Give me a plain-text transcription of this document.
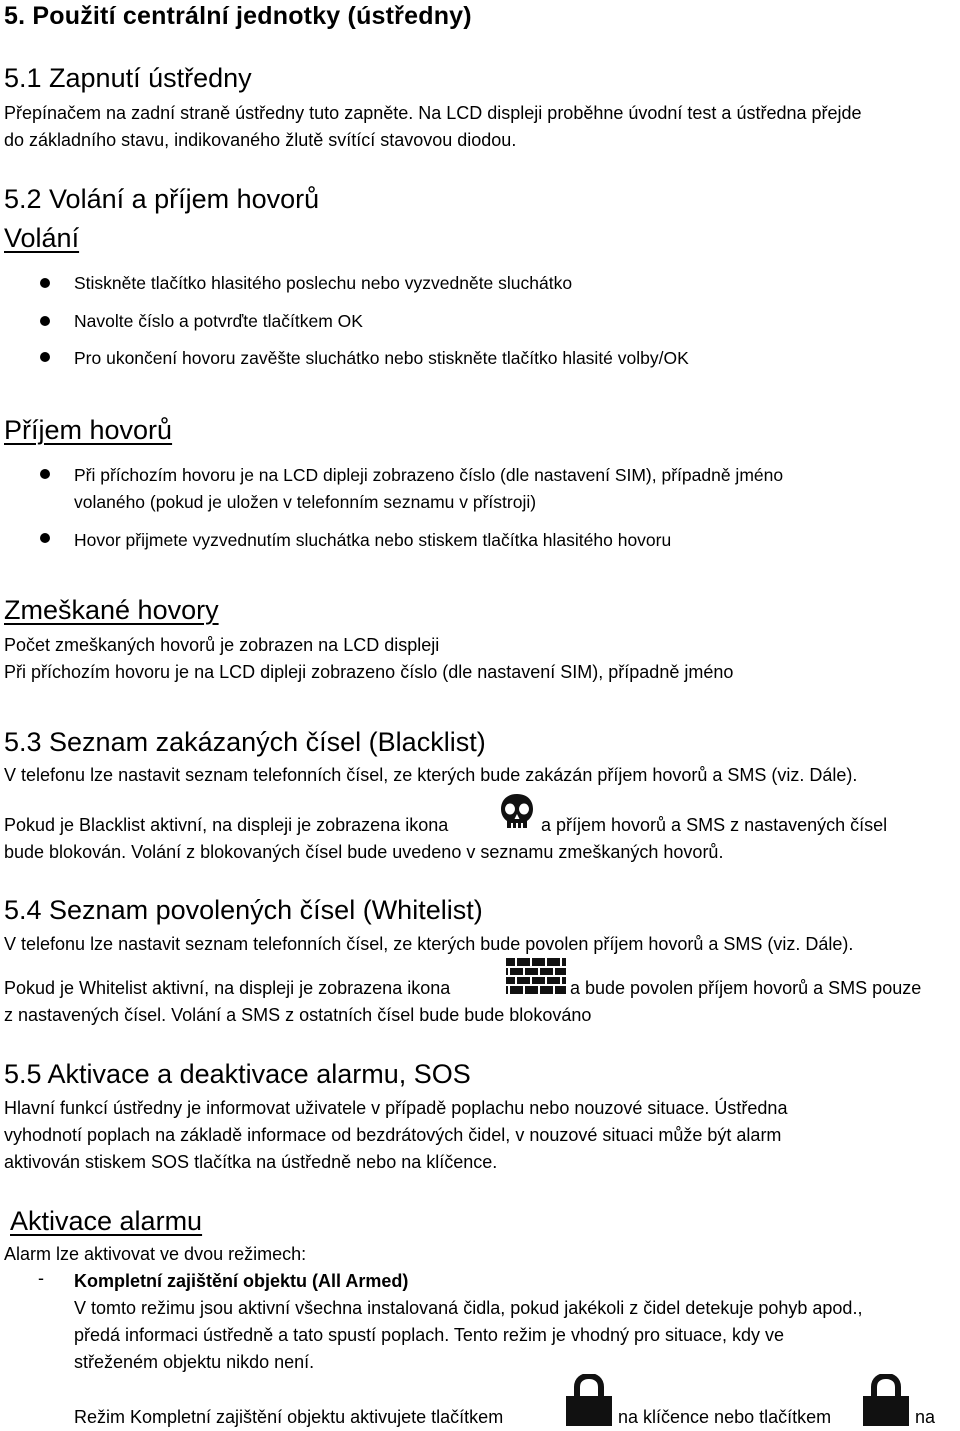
5. Použití centrální jednotky (ústředny)
5.1 Zapnutí ústředny
Přepínačem na zadní straně ústředny tuto zapněte. Na LCD displeji proběhne úvodní test a ústředna přejde
do základního stavu, indikovaného žlutě svítící stavovou diodou.
5.2 Volání a příjem hovorů
Volání
Stiskněte tlačítko hlasitého poslechu nebo vyzvedněte sluchátko
Navolte číslo a potvrďte tlačítkem OK
Pro ukončení hovoru zavěšte sluchátko nebo stiskněte tlačítko hlasité volby/OK
Příjem hovorů
Při příchozím hovoru je na LCD dipleji zobrazeno číslo (dle nastavení SIM), případně jméno
volaného (pokud je uložen v telefonním seznamu v přístroji)
Hovor přijmete vyzvednutím sluchátka nebo stiskem tlačítka hlasitého hovoru
Zmeškané hovory
Počet zmeškaných hovorů je zobrazen na LCD displeji
Při příchozím hovoru je na LCD dipleji zobrazeno číslo (dle nastavení SIM), případně jméno
5.3 Seznam zakázaných čísel (Blacklist)
V telefonu lze nastavit seznam telefonních čísel, ze kterých bude zakázán příjem hovorů a SMS (viz. Dále).
Pokud je Blacklist aktivní, na displeji je zobrazena ikona	a příjem hovorů a SMS z nastavených čísel
bude blokován. Volání z blokovaných čísel bude uvedeno v seznamu zmeškaných hovorů.
5.4 Seznam povolených čísel (Whitelist)
V telefonu lze nastavit seznam telefonních čísel, ze kterých bude povolen příjem hovorů a SMS (viz. Dále).
Pokud je Whitelist aktivní, na displeji je zobrazena ikona	a bude povolen příjem hovorů a SMS pouze
z nastavených čísel. Volání a SMS z ostatních čísel bude bude blokováno
5.5 Aktivace a deaktivace alarmu, SOS
Hlavní funkcí ústředny je informovat uživatele v případě poplachu nebo nouzové situace. Ústředna
vyhodnotí poplach na základě informace od bezdrátových čidel, v nouzové situaci může být alarm
aktivován stiskem SOS tlačítka na ústředně nebo na klíčence.
Aktivace alarmu
Alarm lze aktivovat ve dvou režimech:
- Kompletní zajištění objektu (All Armed)
V tomto režimu jsou aktivní všechna instalovaná čidla, pokud jakékoli z čidel detekuje pohyb apod.,
předá informaci ústředně a tato spustí poplach. Tento režim je vhodný pro situace, kdy ve
střeženém objektu nikdo není.
Režim Kompletní zajištění objektu aktivujete tlačítkem	na klíčence nebo tlačítkem	na
